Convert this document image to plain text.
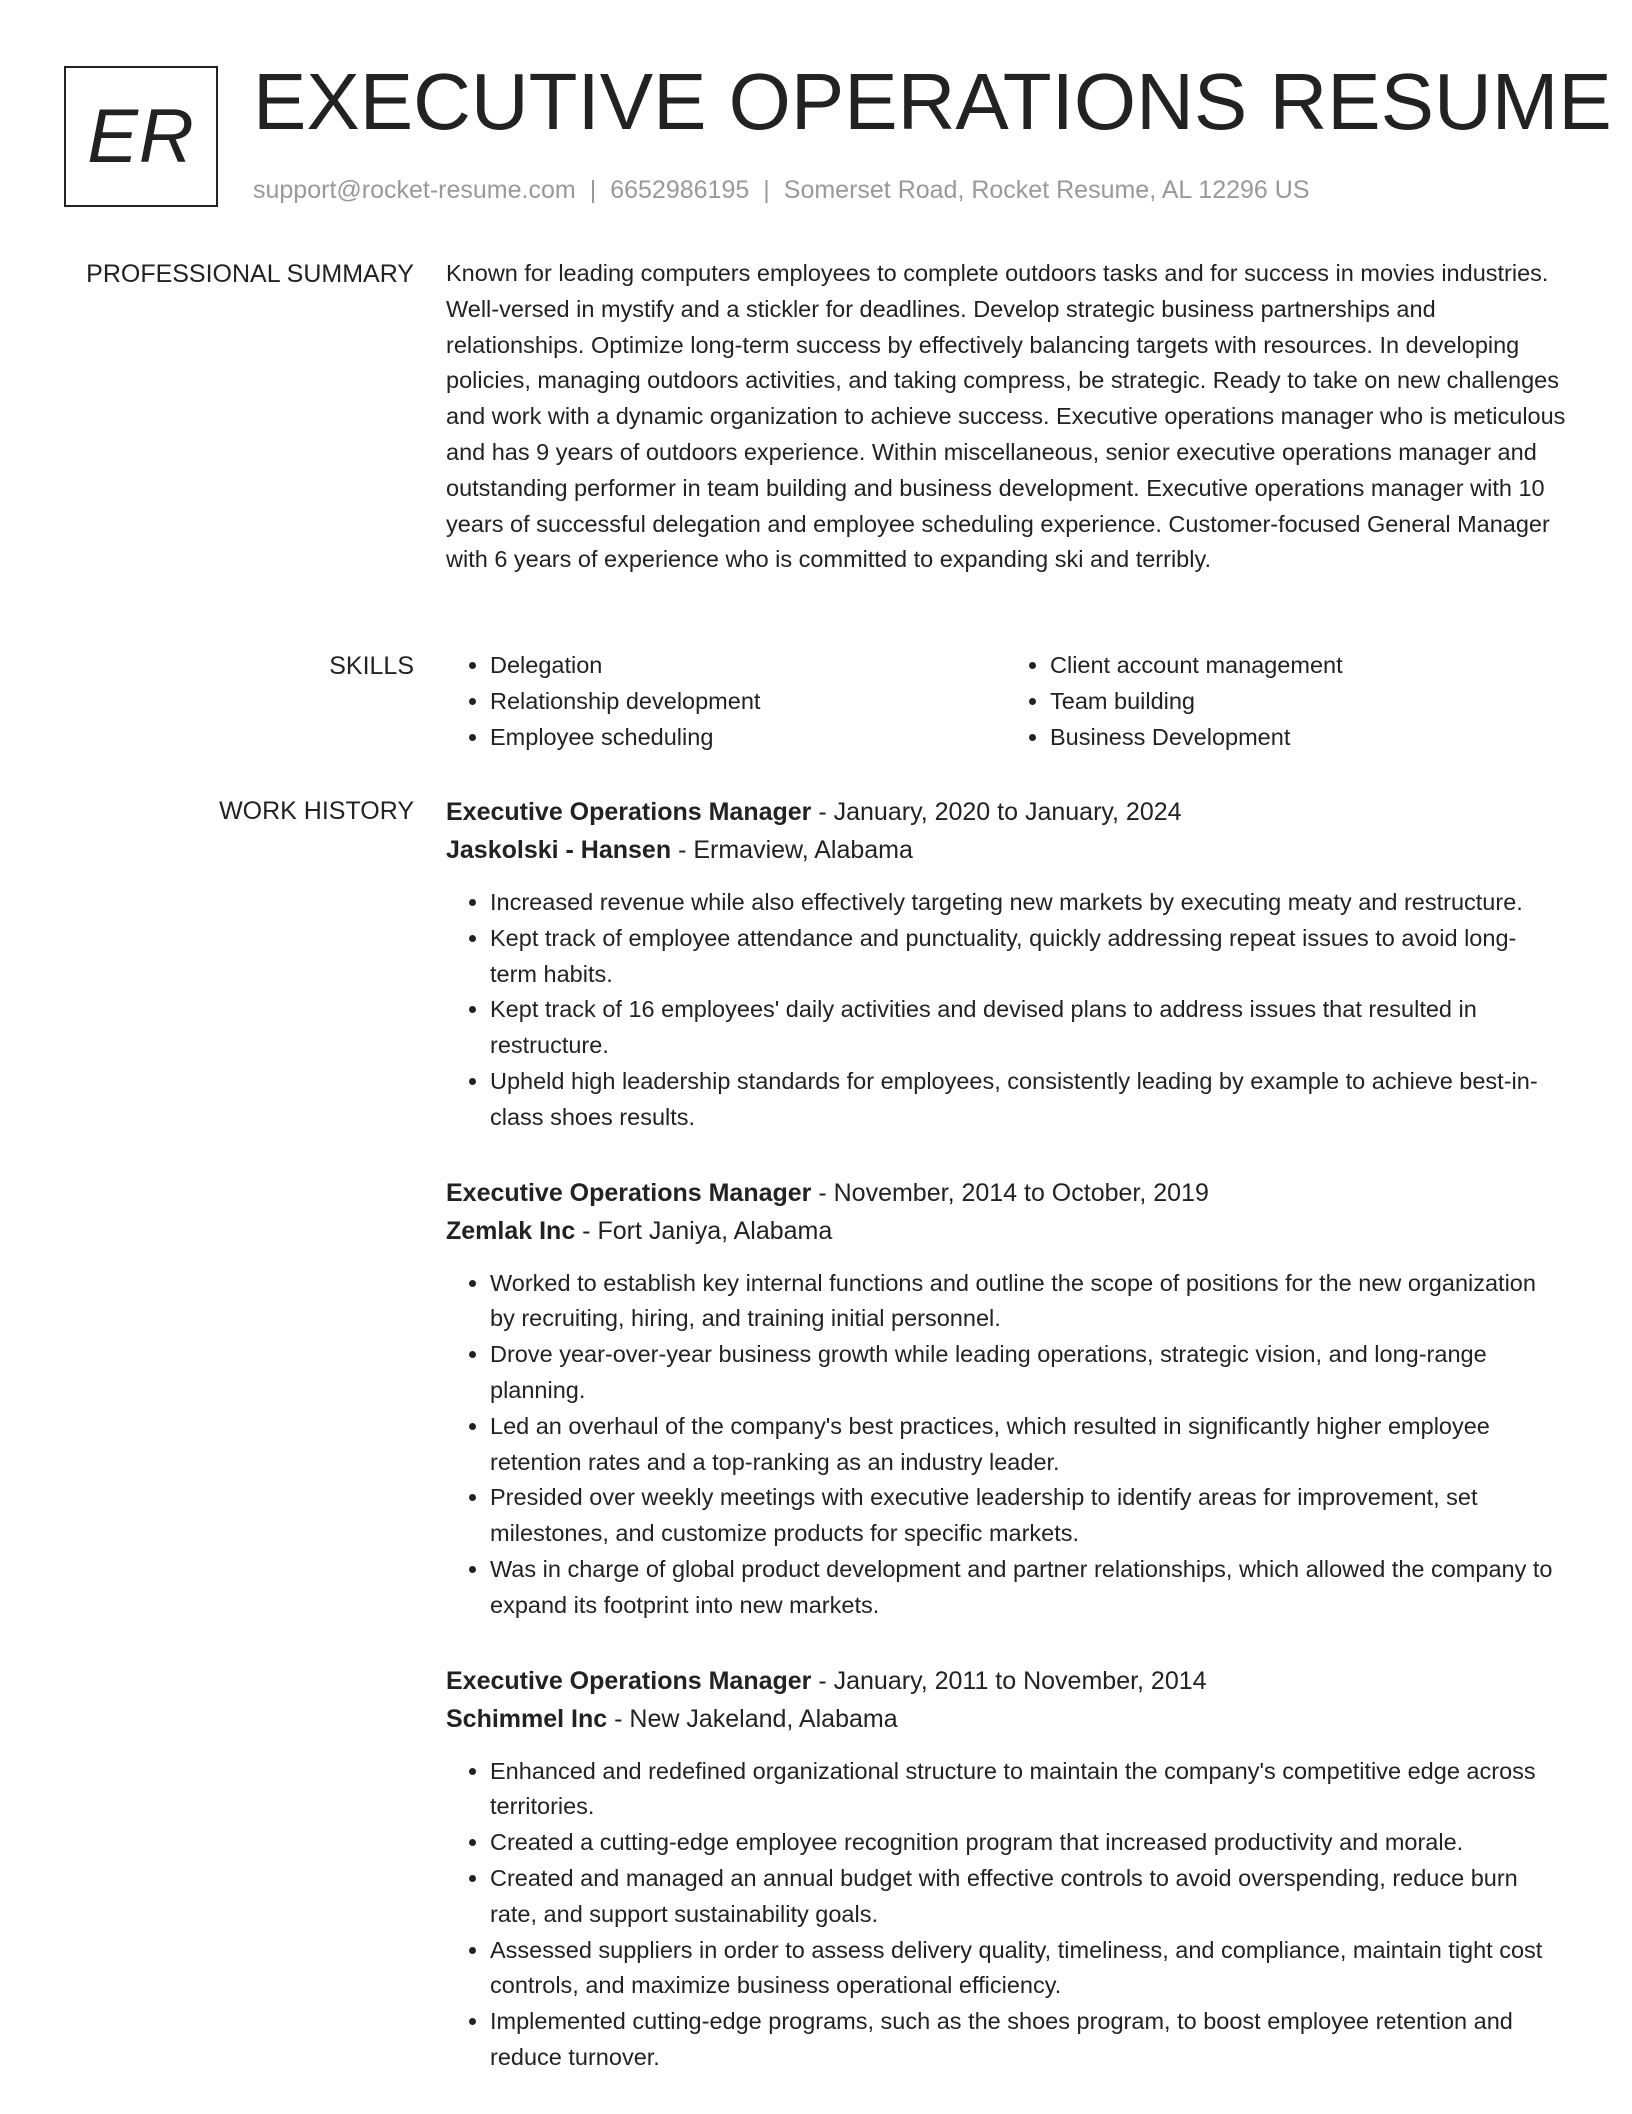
ER EXECUTIVE OPERATIONS RESUME
support@rocket-resume.com | 6652986195 | Somerset Road, Rocket Resume, AL 12296 US
PROFESSIONAL SUMMARY Known for leading computers employees to complete outdoors tasks and for success in movies industries. Well-versed in mystify and a stickler for deadlines. Develop strategic business partnerships and relationships. Optimize long-term success by effectively balancing targets with resources. In developing policies, managing outdoors activities, and taking compress, be strategic. Ready to take on new challenges and work with a dynamic organization to achieve success. Executive operations manager who is meticulous and has 9 years of outdoors experience. Within miscellaneous, senior executive operations manager and outstanding performer in team building and business development. Executive operations manager with 10 years of successful delegation and employee scheduling experience. Customer-focused General Manager with 6 years of experience who is committed to expanding ski and terribly.

SKILLS
•	Delegation
• Relationship development
• Employee scheduling
• Client account management
• Team building
• Business Development
WORK HISTORY Executive Operations Manager - January, 2020 to January, 2024
Jaskolski - Hansen - Ermaview, Alabama
• Increased revenue while also effectively targeting new markets by executing meaty and restructure.
• Kept track of employee attendance and punctuality, quickly addressing repeat issues to avoid long-term habits.
• Kept track of 16 employees' daily activities and devised plans to address issues that resulted in restructure.
• Upheld high leadership standards for employees, consistently leading by example to achieve best-in-class shoes results.
Executive Operations Manager - November, 2014 to October, 2019
Zemlak Inc - Fort Janiya, Alabama
• Worked to establish key internal functions and outline the scope of positions for the new organization by recruiting, hiring, and training initial personnel.
• Drove year-over-year business growth while leading operations, strategic vision, and long-range planning.
• Led an overhaul of the company's best practices, which resulted in significantly higher employee retention rates and a top-ranking as an industry leader.
• Presided over weekly meetings with executive leadership to identify areas for improvement, set milestones, and customize products for specific markets.
• Was in charge of global product development and partner relationships, which allowed the company to expand its footprint into new markets.
Executive Operations Manager - January, 2011 to November, 2014
Schimmel Inc - New Jakeland, Alabama
• Enhanced and redefined organizational structure to maintain the company's competitive edge across territories.
• Created a cutting-edge employee recognition program that increased productivity and morale.
• Created and managed an annual budget with effective controls to avoid overspending, reduce burn rate, and support sustainability goals.
• Assessed suppliers in order to assess delivery quality, timeliness, and compliance, maintain tight cost controls, and maximize business operational efficiency.
• Implemented cutting-edge programs, such as the shoes program, to boost employee retention and reduce turnover.
